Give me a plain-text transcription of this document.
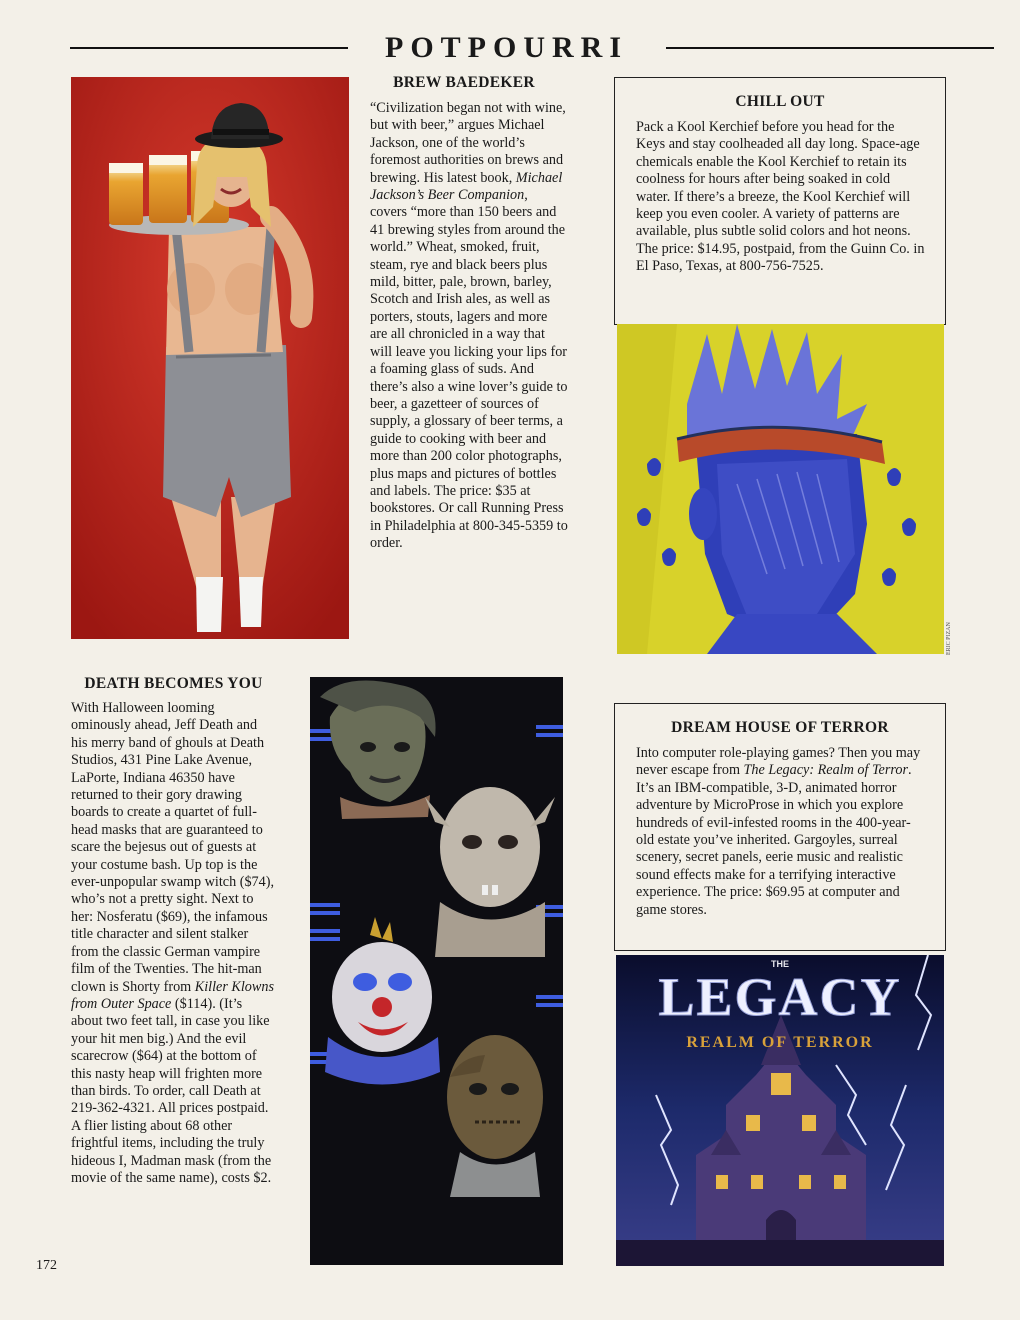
POTPOURRI
BREW BAEDEKER

“Civilization began not with wine, but with beer,” argues Michael Jackson, one of the world’s foremost authorities on brews and brewing. His latest book, Michael Jackson’s Beer Companion, covers “more than 150 beers and 41 brewing styles from around the world.” Wheat, smoked, fruit, steam, rye and black beers plus mild, bitter, pale, brown, barley, Scotch and Irish ales, as well as porters, stouts, lagers and more are all chronicled in a way that will leave you licking your lips for a foaming glass of suds. And there’s also a wine lover’s guide to beer, a gazetteer of sources of supply, a glossary of beer terms, a guide to cooking with beer and more than 200 color photographs, plus maps and pictures of bottles and labels. The price: $35 at bookstores. Or call Running Press in Philadelphia at 800-345-5359 to order.

CHILL OUT

Pack a Kool Kerchief before you head for the Keys and stay coolheaded all day long. Space-age chemicals enable the Kool Kerchief to retain its coolness for hours after being soaked in cold water. If there’s a breeze, the Kool Kerchief will keep you even cooler. A variety of patterns are available, plus subtle solid colors and hot neons. The price: $14.95, postpaid, from the Guinn Co. in El Paso, Texas, at 800-756-7525.

ERIC PIZAN
DEATH BECOMES YOU

With Halloween looming ominously ahead, Jeff Death and his merry band of ghouls at Death Studios, 431 Pine Lake Avenue, LaPorte, Indiana 46350 have returned to their gory drawing boards to create a quartet of full-head masks that are guaranteed to scare the bejesus out of guests at your costume bash. Up top is the ever-unpopular swamp witch ($74), who’s not a pretty sight. Next to her: Nosferatu ($69), the infamous title character and silent stalker from the classic German vampire film of the Twenties. The hit-man clown is Shorty from Killer Klowns from Outer Space ($114). (It’s about two feet tall, in case you like your hit men big.) And the evil scarecrow ($64) at the bottom of this nasty heap will frighten more than birds. To order, call Death at 219-362-4321. All prices postpaid. A flier listing about 68 other frightful items, including the truly hideous I, Madman mask (from the movie of the same name), costs $2.

DREAM HOUSE OF TERROR

Into computer role-playing games? Then you may never escape from The Legacy: Realm of Terror. It’s an IBM-compatible, 3-D, animated horror adventure by MicroProse in which you explore hundreds of evil-infested rooms in the 400-year-old estate you’ve inherited. Gargoyles, surreal scenery, secret panels, eerie music and realistic sound effects make for a terrifying interactive experience. The price: $69.95 at computer and game stores.

THE
LEGACY
REALM OF TERROR
172
